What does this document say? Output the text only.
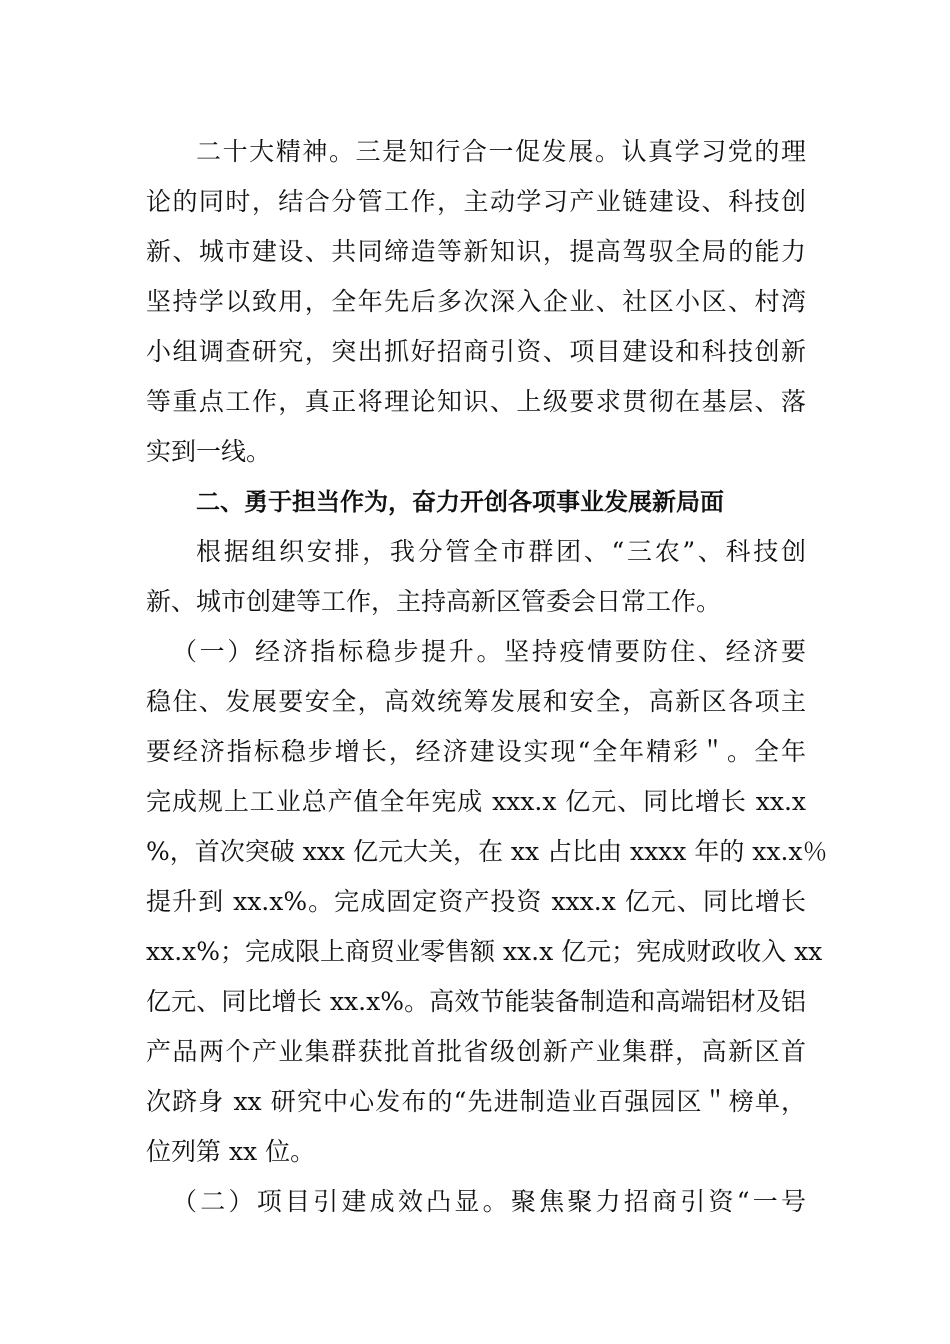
二十大精神。三是知行合一促发展。认真学习党的理
论的同时，结合分管工作，主动学习产业链建设、科技创
新、城市建设、共同缔造等新知识，提高驾驭全局的能力
坚持学以致用，全年先后多次深入企业、社区小区、村湾
小组调查研究，突出抓好招商引资、项目建设和科技创新
等重点工作，真正将理论知识、上级要求贯彻在基层、落
实到一线。
二、勇于担当作为，奋力开创各项事业发展新局面
根据组织安排，我分管全市群团、“三农”、科技创
新、城市创建等工作，主持高新区管委会日常工作。
（一）经济指标稳步提升。坚持疫情要防住、经济要
稳住、发展要安全，高效统筹发展和安全，高新区各项主
要经济指标稳步增长，经济建设实现“全年精彩＂。全年
完成规上工业总产值全年宪成 xxx.x 亿元、同比增长 xx.x
%，首次突破 xxx 亿元大关，在 xx 占比由 xxxx 年的 xx.x％
提升到 xx.x%。完成固定资产投资 xxx.x 亿元、同比增长
xx.x%；完成限上商贸业零售额 xx.x 亿元；宪成财政收入 xx
亿元、同比增长 xx.x%。高效节能装备制造和高端铝材及铝
产品两个产业集群获批首批省级创新产业集群，高新区首
次跻身 xx 研究中心发布的“先进制造业百强园区＂榜单，
位列第 xx 位。
（二）项目引建成效凸显。聚焦聚力招商引资“一号
